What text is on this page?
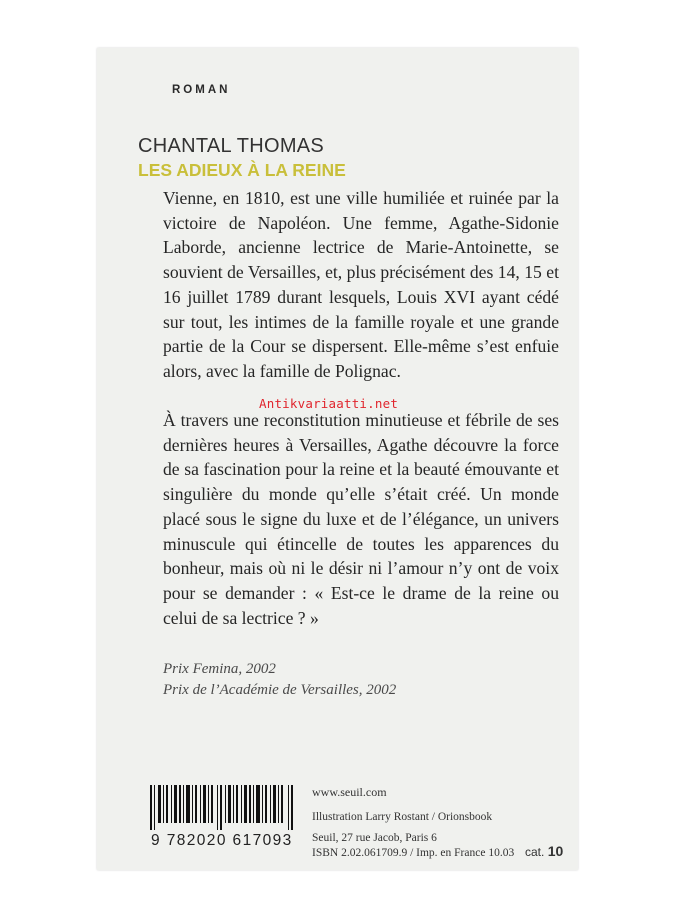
ROMAN
CHANTAL THOMAS
LES ADIEUX À LA REINE

Vienne, en 1810, est une ville humiliée et ruinée par la victoire de Napoléon. Une femme, Agathe-Sidonie Laborde, ancienne lectrice de Marie-Antoinette, se souvient de Versailles, et, plus précisément des 14, 15 et 16 juillet 1789 durant lesquels, Louis XVI ayant cédé sur tout, les intimes de la famille royale et une grande partie de la Cour se dispersent. Elle-même s’est enfuie alors, avec la famille de Polignac.

À travers une reconstitution minutieuse et fébrile de ses dernières heures à Versailles, Agathe découvre la force de sa fascination pour la reine et la beauté émouvante et singulière du monde qu’elle s’était créé. Un monde placé sous le signe du luxe et de l’élégance, un univers minuscule qui étincelle de toutes les apparences du bonheur, mais où ni le désir ni l’amour n’y ont de voix pour se demander : « Est-ce le drame de la reine ou celui de sa lectrice ? »

Antikvariaatti.net
Prix Femina, 2002
Prix de l’Académie de Versailles, 2002
9 782020 617093
www.seuil.com
Illustration Larry Rostant / Orionsbook
Seuil, 27 rue Jacob, Paris 6
ISBN 2.02.061709.9 / Imp. en France 10.03 cat. 10
